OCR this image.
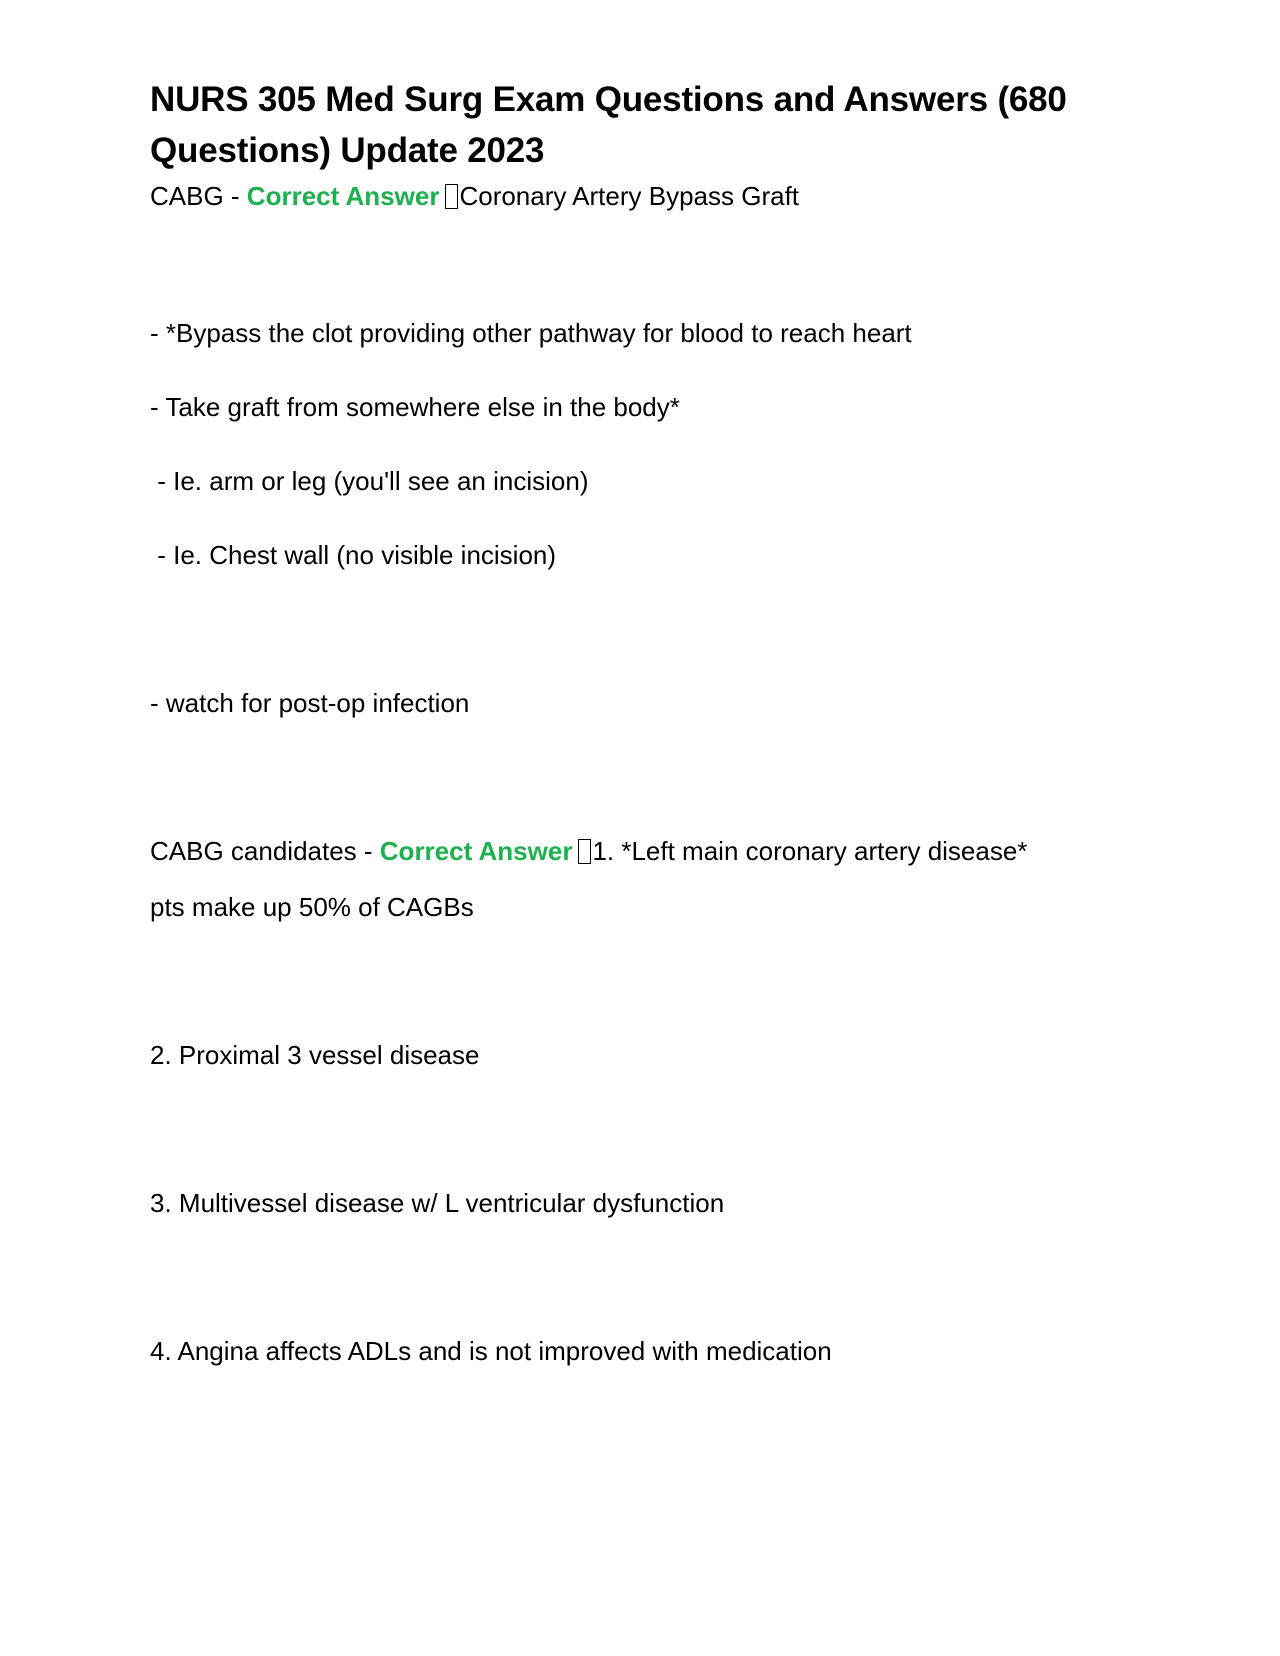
NURS 305 Med Surg Exam Questions and Answers (680 Questions) Update 2023

CABG - Correct Answer Coronary Artery Bypass Graft

- *Bypass the clot providing other pathway for blood to reach heart

- Take graft from somewhere else in the body*

- Ie. arm or leg (you'll see an incision)

- Ie. Chest wall (no visible incision)

- watch for post-op infection

CABG candidates - Correct Answer 1. *Left main coronary artery disease*

pts make up 50% of CAGBs

2. Proximal 3 vessel disease

3. Multivessel disease w/ L ventricular dysfunction

4. Angina affects ADLs and is not improved with medication
